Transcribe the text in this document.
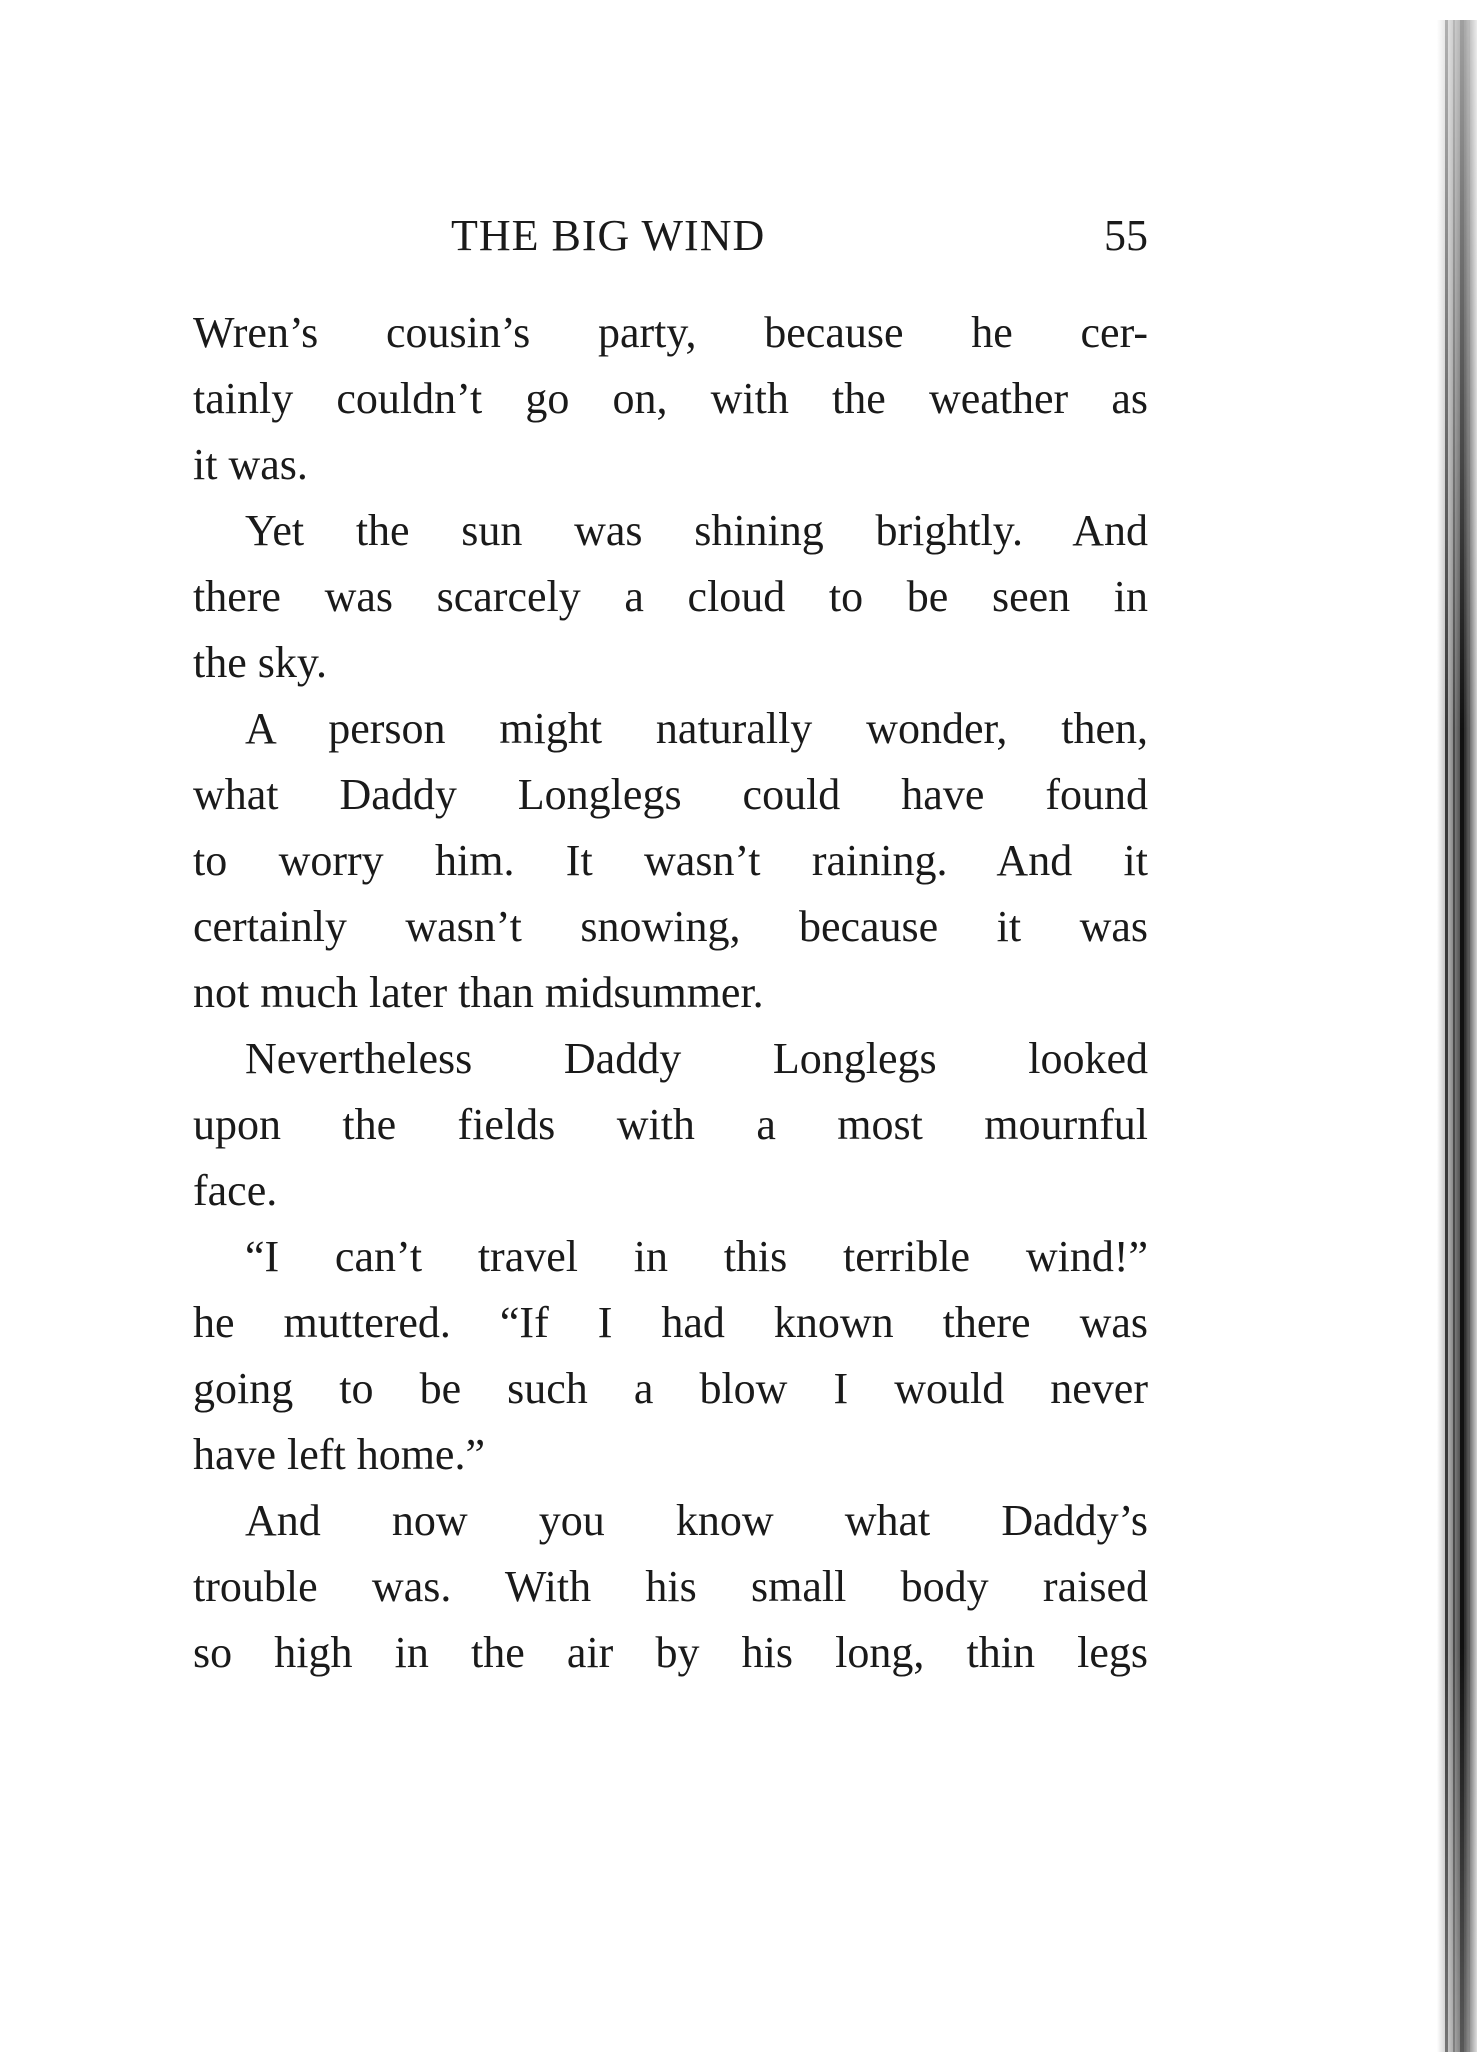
THE BIG WIND	55

Wren’s cousin’s party, because he cer-
tainly couldn’t go on, with the weather as
it was.

Yet the sun was shining brightly. And
there was scarcely a cloud to be seen in
the sky.

A person might naturally wonder, then,
what Daddy Longlegs could have found
to worry him. It wasn’t raining. And it
certainly wasn’t snowing, because it was
not much later than midsummer.

Nevertheless Daddy Longlegs looked
upon the fields with a most mournful
face.

“I can’t travel in this terrible wind!”
he muttered. “If I had known there was
going to be such a blow I would never
have left home.”

And now you know what Daddy’s
trouble was. With his small body raised
so high in the air by his long, thin legs
